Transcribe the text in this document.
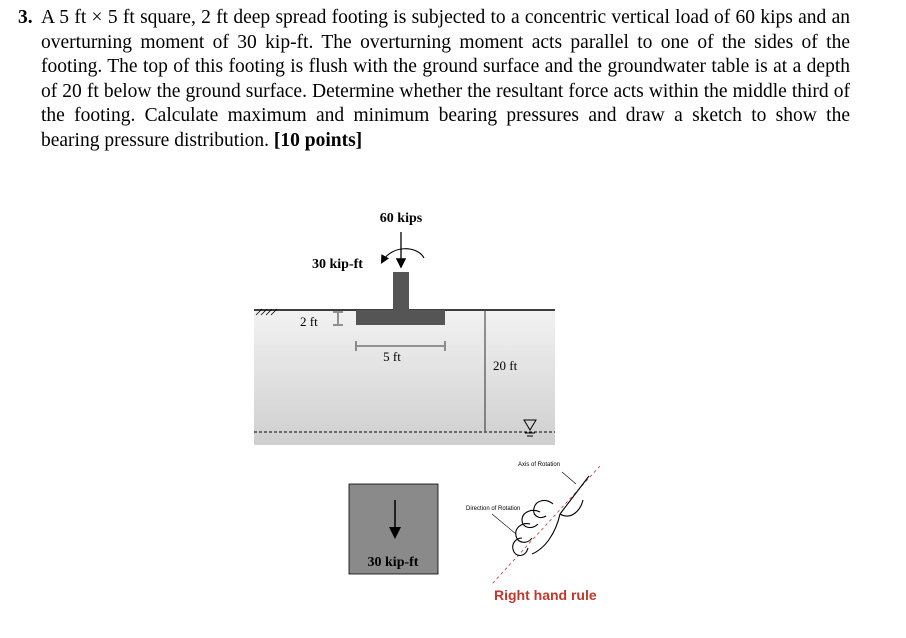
3. A 5 ft × 5 ft square, 2 ft deep spread footing is subjected to a concentric vertical load of 60 kips and an overturning moment of 30 kip-ft. The overturning moment acts parallel to one of the sides of the footing. The top of this footing is flush with the ground surface and the groundwater table is at a depth of 20 ft below the ground surface. Determine whether the resultant force acts within the middle third of the footing. Calculate maximum and minimum bearing pressures and draw a sketch to show the bearing pressure distribution. [10 points]

60 kips
30 kip-ft
2 ft
5 ft
20 ft
30 kip-ft
Axis of Rotation
Direction of Rotation
Right hand rule
